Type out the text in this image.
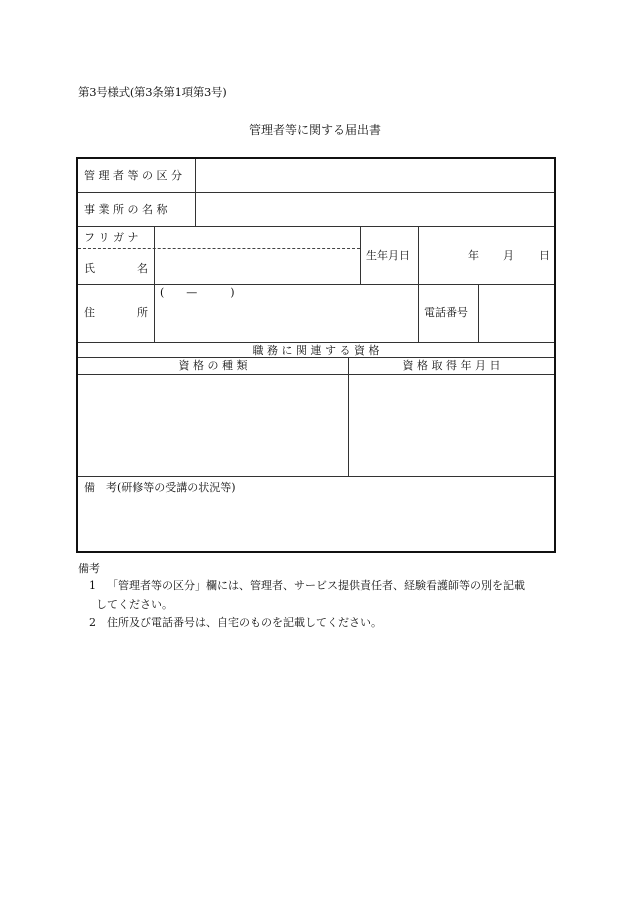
第3号様式(第3条第1項第3号)
管理者等に関する届出書
管 理 者 等 の 区 分
事 業 所 の 名 称
フ リ ガ ナ
氏	名
生年月日	年 月 日
住	所
(　　—　　　)
電話番号
職 務 に 関 連 す る 資 格
資 格 の 種 類	資 格 取 得 年 月 日
備　考(研修等の受講の状況等)
備考
1 「管理者等の区分」欄には、管理者、サービス提供責任者、経験看護師等の別を記載
してください。
2 住所及び電話番号は、自宅のものを記載してください。
